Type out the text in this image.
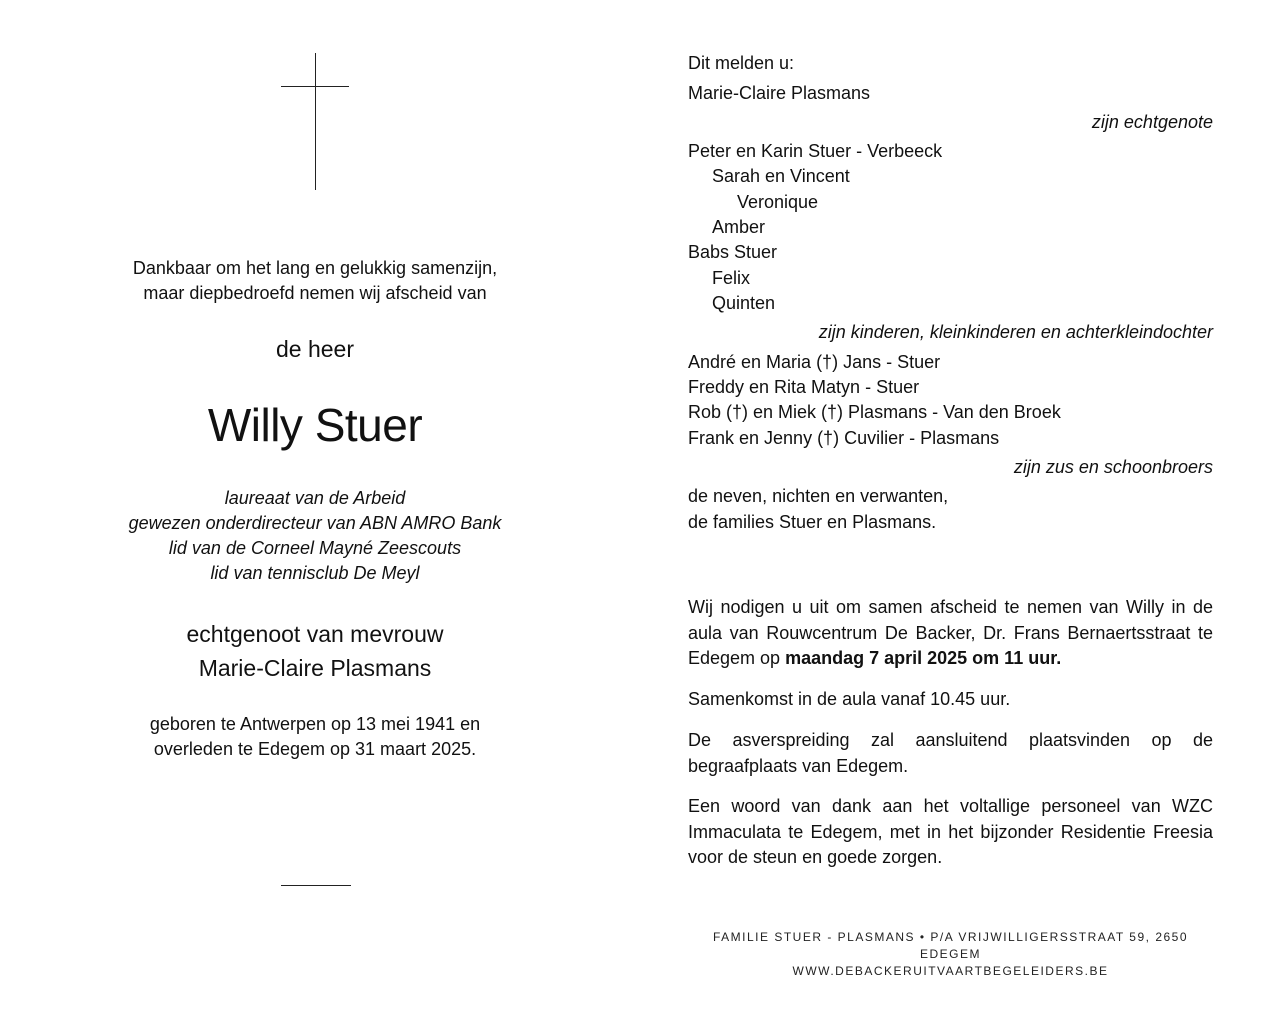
Dankbaar om het lang en gelukkig samenzijn,
maar diepbedroefd nemen wij afscheid van
de heer
Willy Stuer
laureaat van de Arbeid
gewezen onderdirecteur van ABN AMRO Bank
lid van de Corneel Mayné Zeescouts
lid van tennisclub De Meyl
echtgenoot van mevrouw
Marie-Claire Plasmans
geboren te Antwerpen op 13 mei 1941 en
overleden te Edegem op 31 maart 2025.
Dit melden u:
Marie-Claire Plasmans
zijn echtgenote
Peter en Karin Stuer - Verbeeck
Sarah en Vincent
Veronique
Amber
Babs Stuer
Felix
Quinten
zijn kinderen, kleinkinderen en achterkleindochter
André en Maria (†) Jans - Stuer
Freddy en Rita Matyn - Stuer
Rob (†) en Miek (†) Plasmans - Van den Broek
Frank en Jenny (†) Cuvilier - Plasmans
zijn zus en schoonbroers
de neven, nichten en verwanten,
de families Stuer en Plasmans.
Wij nodigen u uit om samen afscheid te nemen van Willy in de aula van Rouwcentrum De Backer, Dr. Frans Bernaertsstraat te Edegem op maandag 7 april 2025 om 11 uur.
Samenkomst in de aula vanaf 10.45 uur.
De asverspreiding zal aansluitend plaatsvinden op de begraafplaats van Edegem.
Een woord van dank aan het voltallige personeel van WZC Immaculata te Edegem, met in het bijzonder Residentie Freesia voor de steun en goede zorgen.
FAMILIE STUER - PLASMANS • P/A VRIJWILLIGERSSTRAAT 59, 2650 EDEGEM
WWW.DEBACKERUITVAARTBEGELEIDERS.BE
